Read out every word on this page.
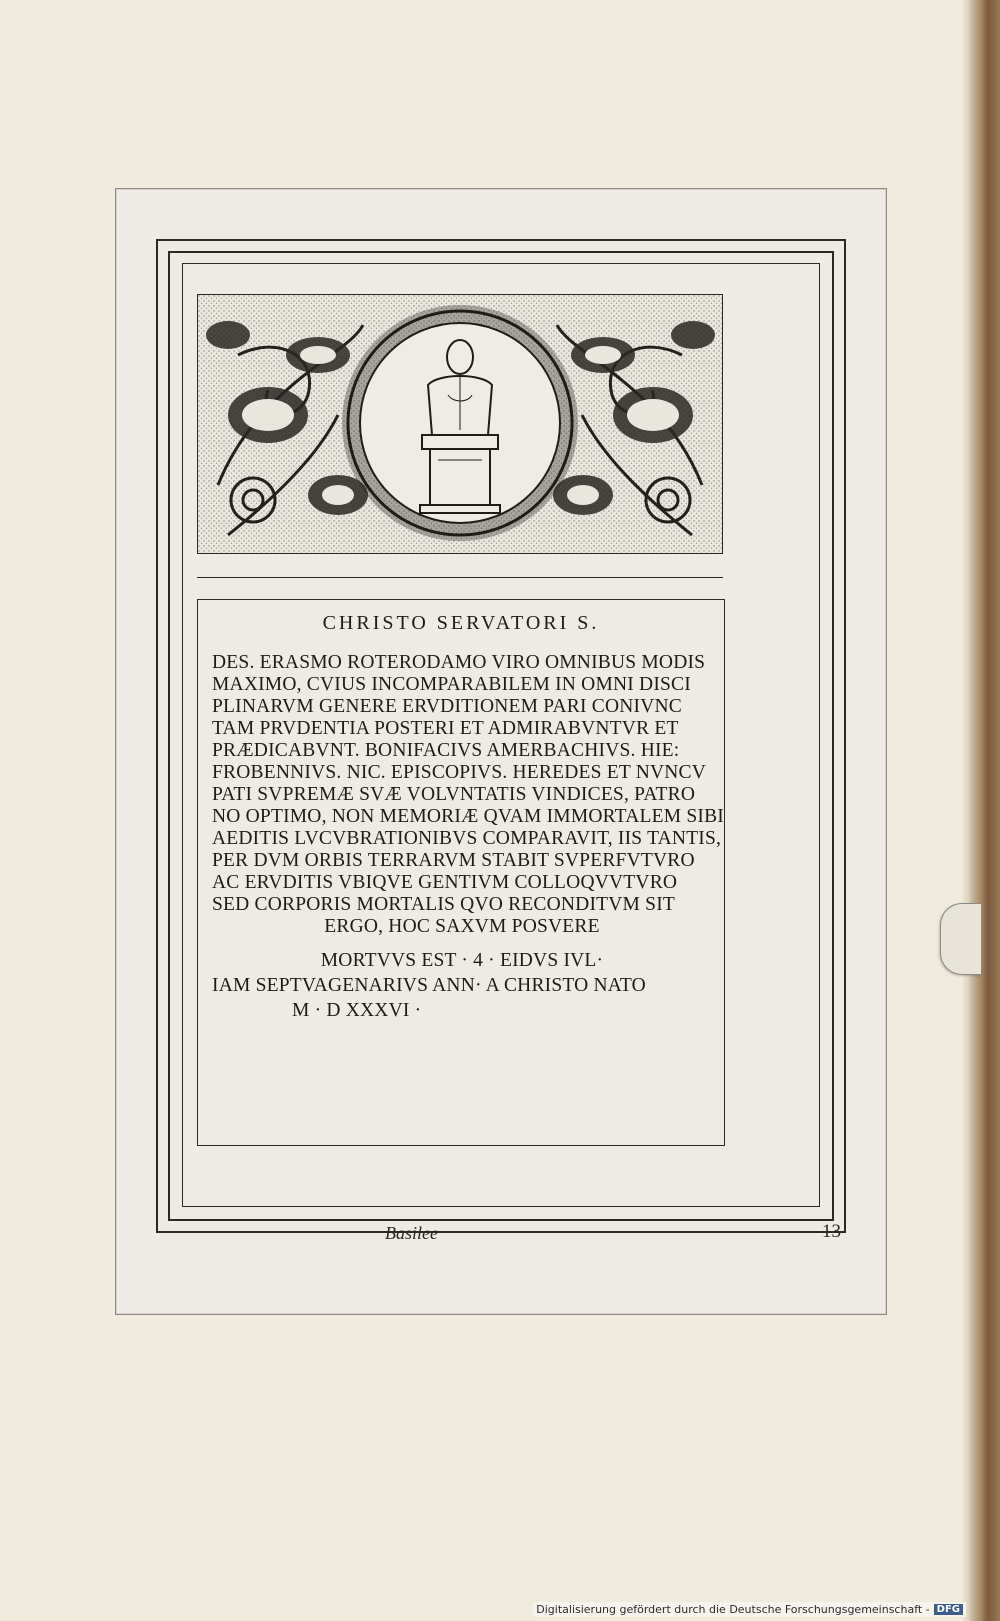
CHRISTO SERVATORI S.
DES. ERASMO ROTERODAMO VIRO OMNIBUS MODIS
MAXIMO, CVIUS INCOMPARABILEM IN OMNI DISCI
PLINARVM GENERE ERVDITIONEM PARI CONIVNC
TAM PRVDENTIA POSTERI ET ADMIRABVNTVR ET
PRÆDICABVNT. BONIFACIVS AMERBACHIVS. HIE:
FROBENNIVS. NIC. EPISCOPIVS. HEREDES ET NVNCV
PATI SVPREMÆ SVÆ VOLVNTATIS VINDICES, PATRO
NO OPTIMO, NON MEMORIÆ QVAM IMMORTALEM SIBI
AEDITIS LVCVBRATIONIBVS COMPARAVIT, IIS TANTIS,
PER DVM ORBIS TERRARVM STABIT SVPERFVTVRO
AC ERVDITIS VBIQVE GENTIVM COLLOQVVTVRO
SED CORPORIS MORTALIS QVO RECONDITVM SIT
ERGO, HOC SAXVM POSVERE
MORTVVS EST · 4 · EIDVS IVL·
IAM SEPTVAGENARIVS ANN· A CHRISTO NATO
M · D XXXVI ·
Basilee	13
Digitalisierung gefördert durch die Deutsche Forschungsgemeinschaft - DFG
